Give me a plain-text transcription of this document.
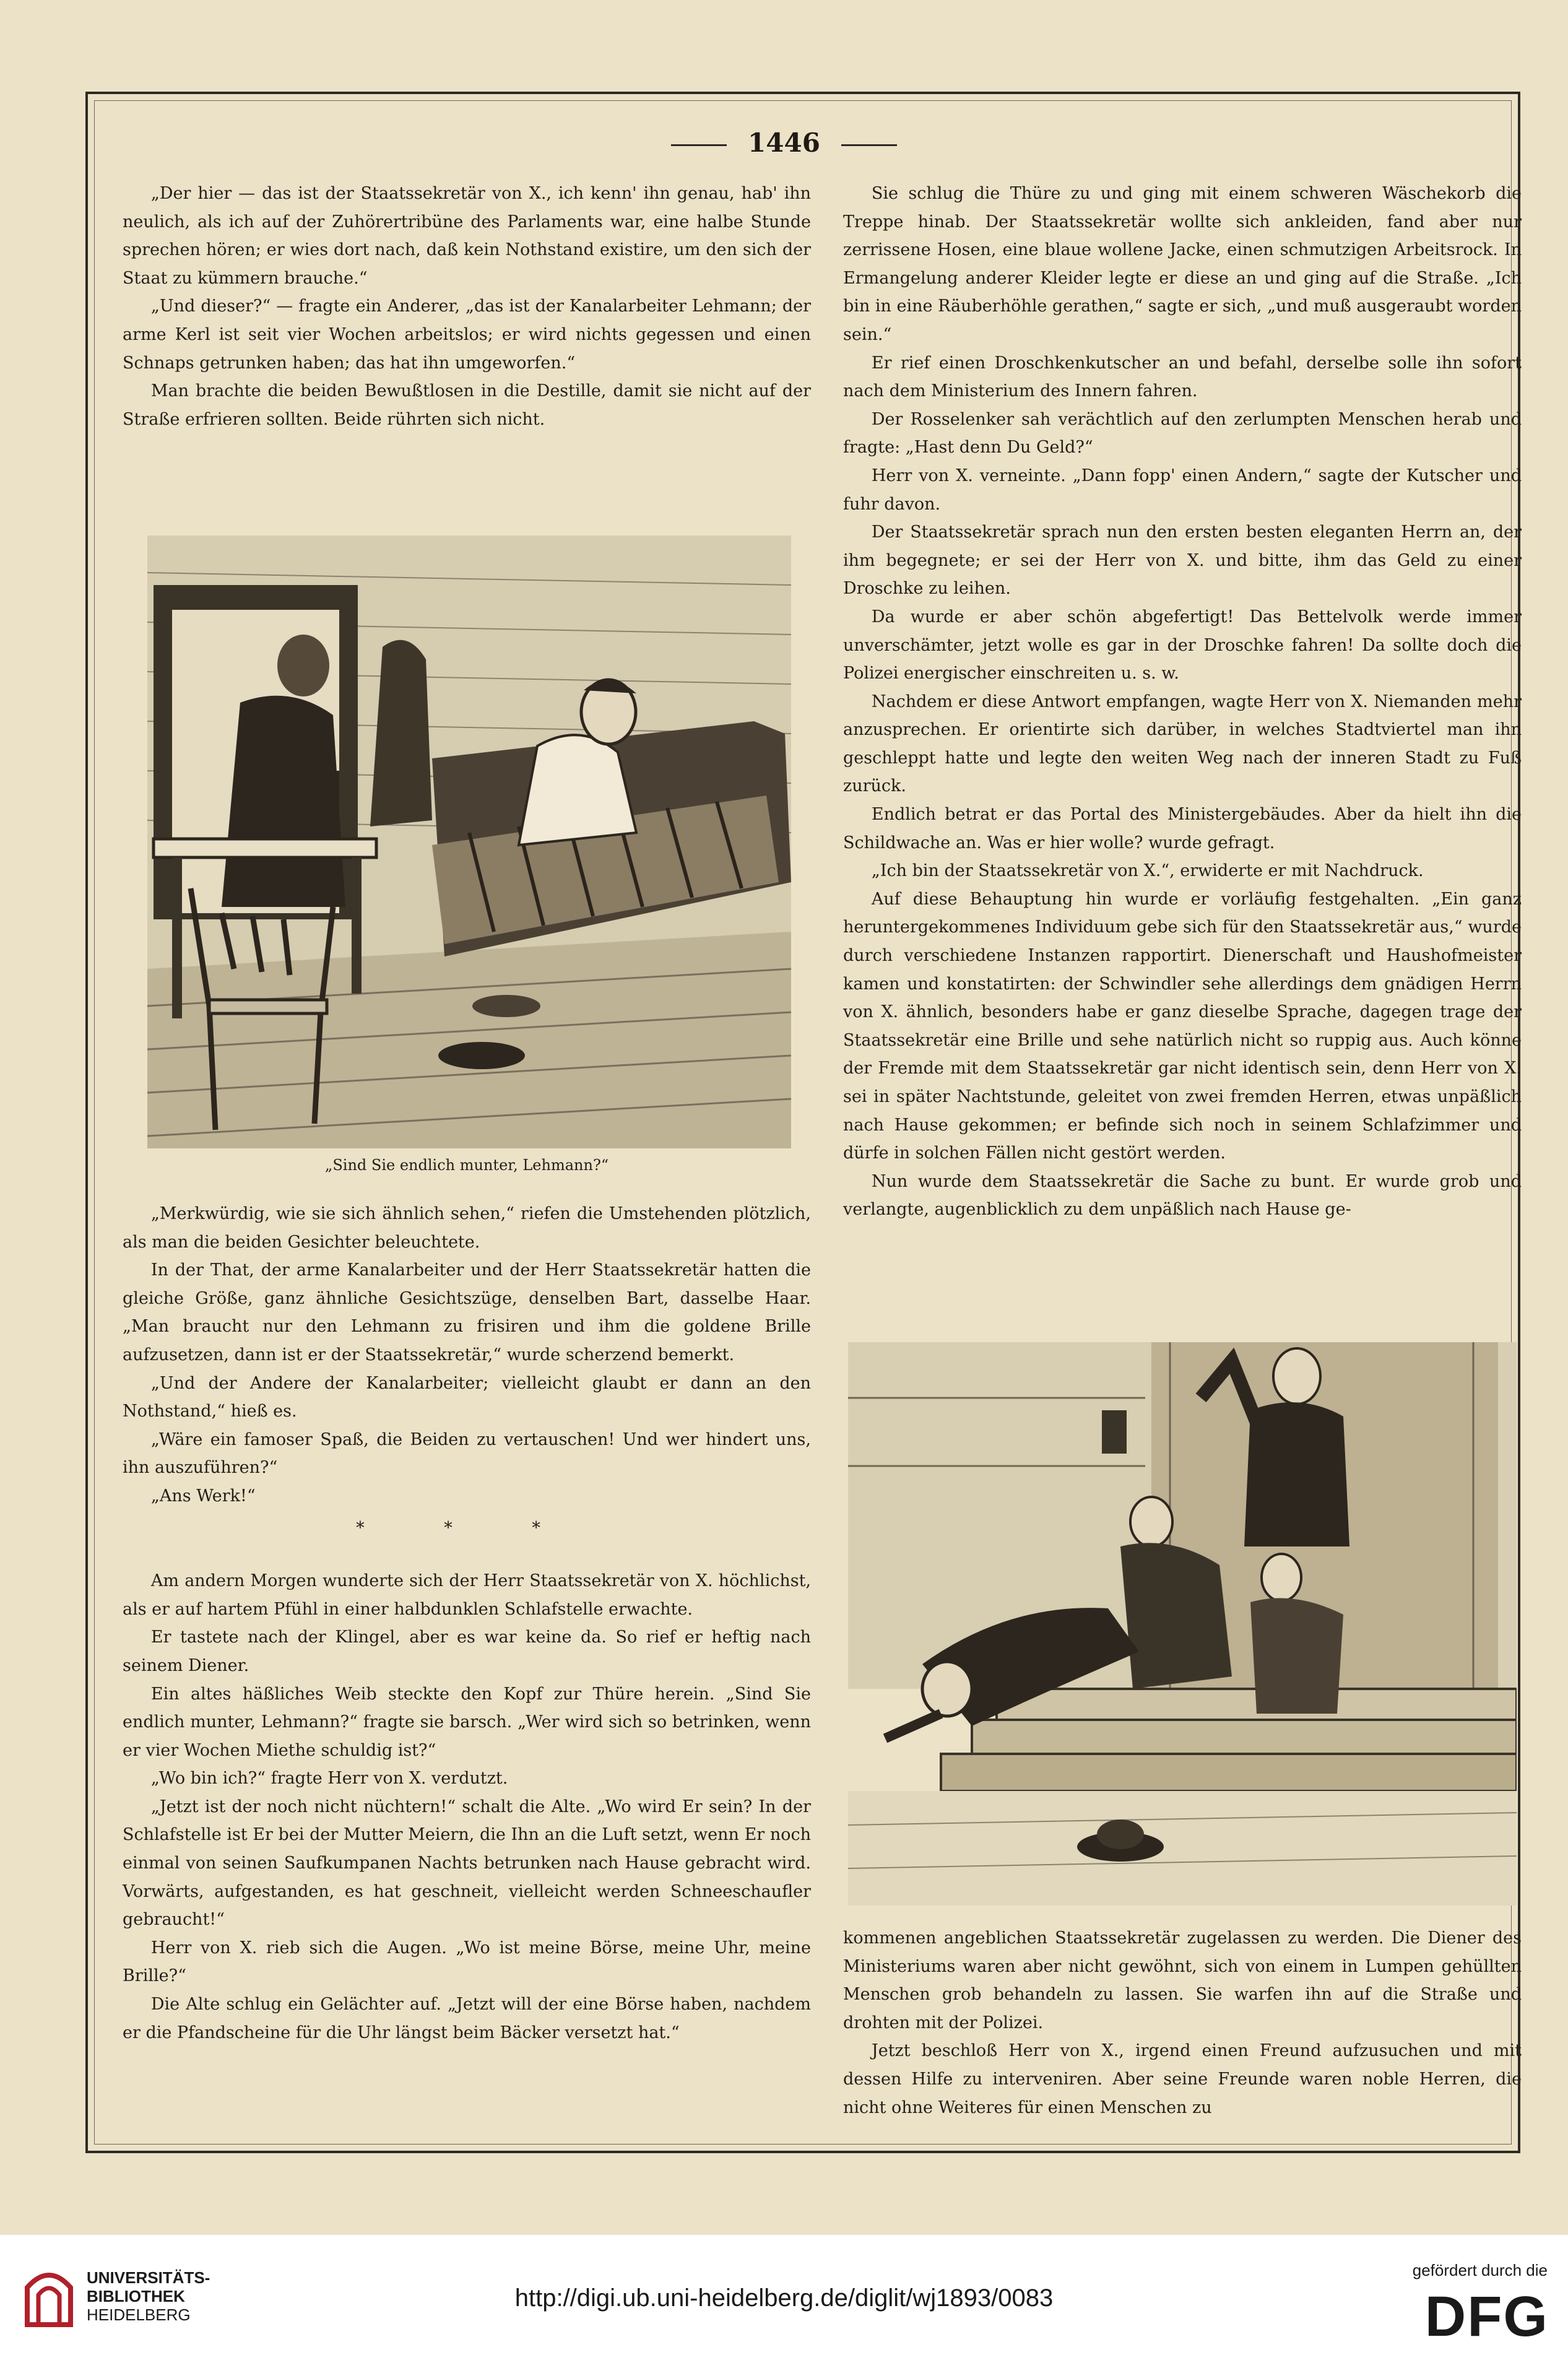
1446

„Der hier — das ist der Staatssekretär von X., ich kenn' ihn genau, hab' ihn neulich, als ich auf der Zuhörertribüne des Parlaments war, eine halbe Stunde sprechen hören; er wies dort nach, daß kein Nothstand existire, um den sich der Staat zu kümmern brauche.“

„Und dieser?“ — fragte ein Anderer, „das ist der Kanalarbeiter Lehmann; der arme Kerl ist seit vier Wochen arbeitslos; er wird nichts gegessen und einen Schnaps getrunken haben; das hat ihn umgeworfen.“

Man brachte die beiden Bewußtlosen in die Destille, damit sie nicht auf der Straße erfrieren sollten. Beide rührten sich nicht.

„Sind Sie endlich munter, Lehmann?“

„Merkwürdig, wie sie sich ähnlich sehen,“ riefen die Umstehenden plötzlich, als man die beiden Gesichter beleuchtete.

In der That, der arme Kanalarbeiter und der Herr Staatssekretär hatten die gleiche Größe, ganz ähnliche Gesichtszüge, denselben Bart, dasselbe Haar. „Man braucht nur den Lehmann zu frisiren und ihm die goldene Brille aufzusetzen, dann ist er der Staatssekretär,“ wurde scherzend bemerkt.

„Und der Andere der Kanalarbeiter; vielleicht glaubt er dann an den Nothstand,“ hieß es.

„Wäre ein famoser Spaß, die Beiden zu vertauschen! Und wer hindert uns, ihn auszuführen?“

„Ans Werk!“

* * *

Am andern Morgen wunderte sich der Herr Staatssekretär von X. höchlichst, als er auf hartem Pfühl in einer halbdunklen Schlafstelle erwachte.

Er tastete nach der Klingel, aber es war keine da. So rief er heftig nach seinem Diener.

Ein altes häßliches Weib steckte den Kopf zur Thüre herein. „Sind Sie endlich munter, Lehmann?“ fragte sie barsch. „Wer wird sich so betrinken, wenn er vier Wochen Miethe schuldig ist?“

„Wo bin ich?“ fragte Herr von X. verdutzt.

„Jetzt ist der noch nicht nüchtern!“ schalt die Alte. „Wo wird Er sein? In der Schlafstelle ist Er bei der Mutter Meiern, die Ihn an die Luft setzt, wenn Er noch einmal von seinen Saufkumpanen Nachts betrunken nach Hause gebracht wird. Vorwärts, aufgestanden, es hat geschneit, vielleicht werden Schneeschaufler gebraucht!“

Herr von X. rieb sich die Augen. „Wo ist meine Börse, meine Uhr, meine Brille?“

Die Alte schlug ein Gelächter auf. „Jetzt will der eine Börse haben, nachdem er die Pfandscheine für die Uhr längst beim Bäcker versetzt hat.“

Sie schlug die Thüre zu und ging mit einem schweren Wäschekorb die Treppe hinab. Der Staatssekretär wollte sich ankleiden, fand aber nur zerrissene Hosen, eine blaue wollene Jacke, einen schmutzigen Arbeitsrock. In Ermangelung anderer Kleider legte er diese an und ging auf die Straße. „Ich bin in eine Räuberhöhle gerathen,“ sagte er sich, „und muß ausgeraubt worden sein.“

Er rief einen Droschkenkutscher an und befahl, derselbe solle ihn sofort nach dem Ministerium des Innern fahren.

Der Rosselenker sah verächtlich auf den zerlumpten Menschen herab und fragte: „Hast denn Du Geld?“

Herr von X. verneinte. „Dann fopp' einen Andern,“ sagte der Kutscher und fuhr davon.

Der Staatssekretär sprach nun den ersten besten eleganten Herrn an, der ihm begegnete; er sei der Herr von X. und bitte, ihm das Geld zu einer Droschke zu leihen.

Da wurde er aber schön abgefertigt! Das Bettelvolk werde immer unverschämter, jetzt wolle es gar in der Droschke fahren! Da sollte doch die Polizei energischer einschreiten u. s. w.

Nachdem er diese Antwort empfangen, wagte Herr von X. Niemanden mehr anzusprechen. Er orientirte sich darüber, in welches Stadtviertel man ihn geschleppt hatte und legte den weiten Weg nach der inneren Stadt zu Fuß zurück.

Endlich betrat er das Portal des Ministergebäudes. Aber da hielt ihn die Schildwache an. Was er hier wolle? wurde gefragt.

„Ich bin der Staatssekretär von X.“, erwiderte er mit Nachdruck.

Auf diese Behauptung hin wurde er vorläufig festgehalten. „Ein ganz heruntergekommenes Individuum gebe sich für den Staatssekretär aus,“ wurde durch verschiedene Instanzen rapportirt. Dienerschaft und Haushofmeister kamen und konstatirten: der Schwindler sehe allerdings dem gnädigen Herrn von X. ähnlich, besonders habe er ganz dieselbe Sprache, dagegen trage der Staatssekretär eine Brille und sehe natürlich nicht so ruppig aus. Auch könne der Fremde mit dem Staatssekretär gar nicht identisch sein, denn Herr von X. sei in später Nachtstunde, geleitet von zwei fremden Herren, etwas unpäßlich nach Hause gekommen; er befinde sich noch in seinem Schlafzimmer und dürfe in solchen Fällen nicht gestört werden.

Nun wurde dem Staatssekretär die Sache zu bunt. Er wurde grob und verlangte, augenblicklich zu dem unpäßlich nach Hause ge-

kommenen angeblichen Staatssekretär zugelassen zu werden. Die Diener des Ministeriums waren aber nicht gewöhnt, sich von einem in Lumpen gehüllten Menschen grob behandeln zu lassen. Sie warfen ihn auf die Straße und drohten mit der Polizei.

Jetzt beschloß Herr von X., irgend einen Freund aufzusuchen und mit dessen Hilfe zu interveniren. Aber seine Freunde waren noble Herren, die nicht ohne Weiteres für einen Menschen zu

UNIVERSITÄTS-
BIBLIOTHEK
HEIDELBERG
http://digi.ub.uni-heidelberg.de/diglit/wj1893/0083
gefördert durch die
DFG
